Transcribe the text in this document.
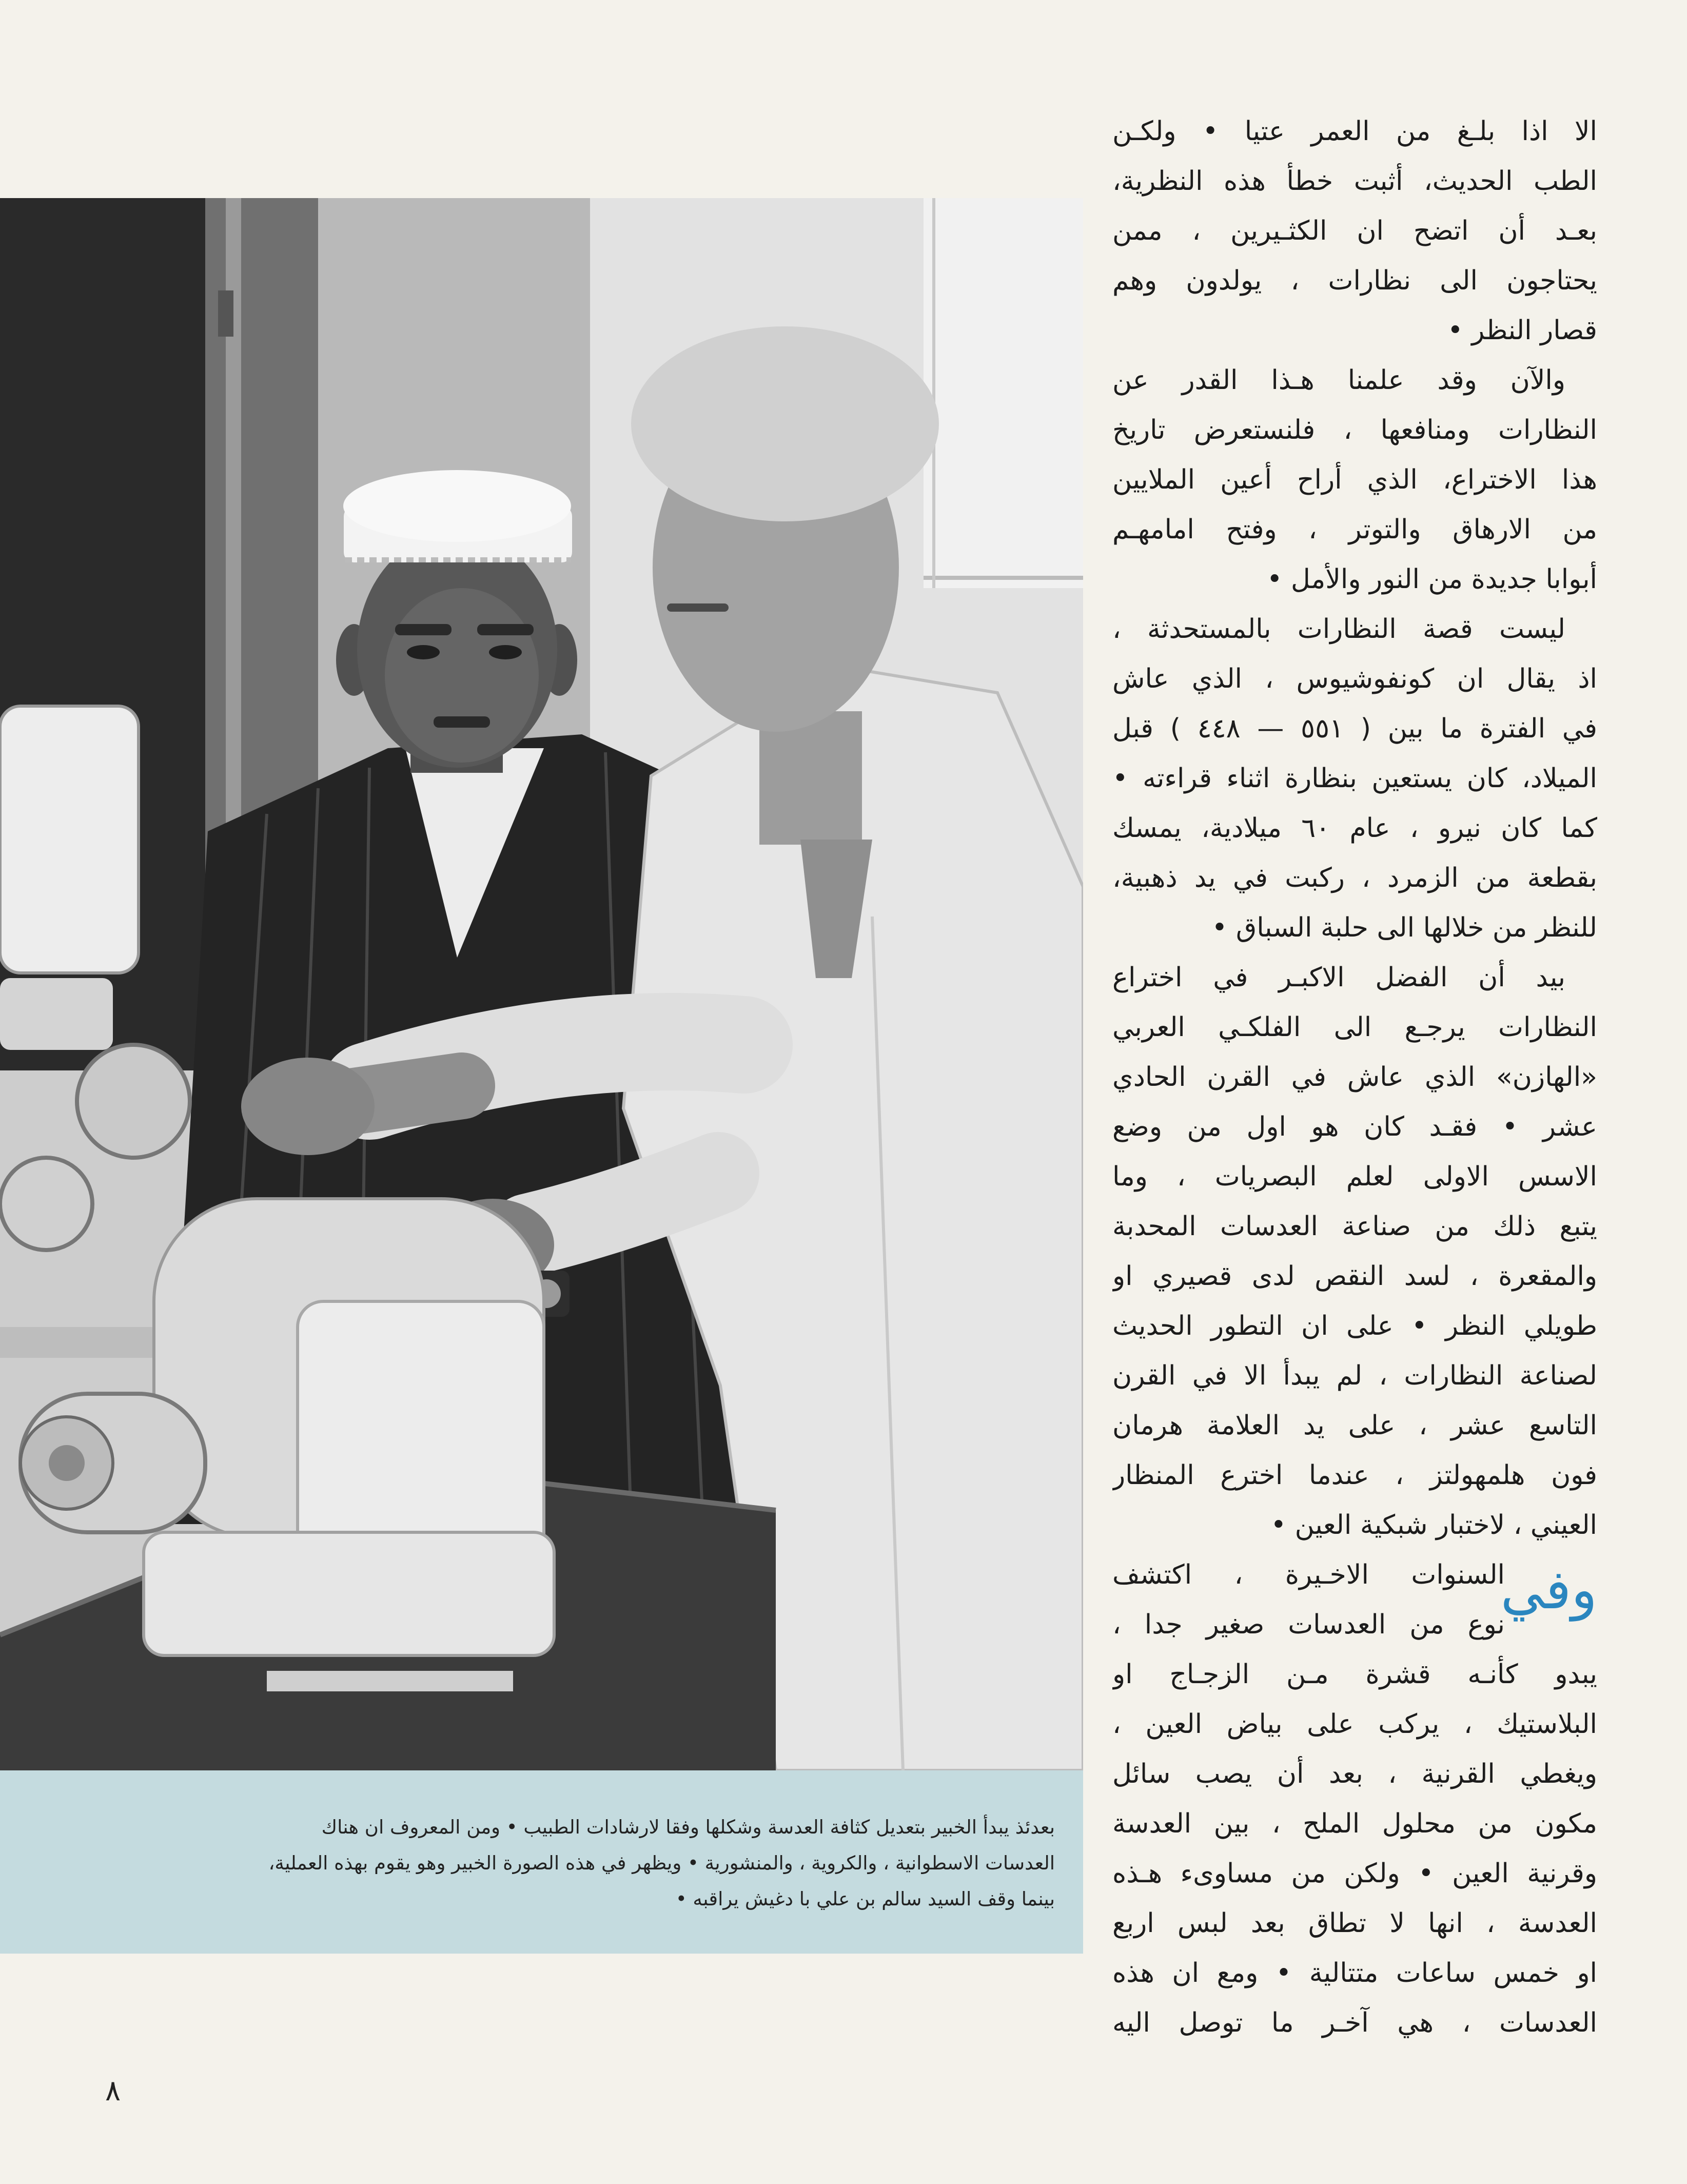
بعدئذ يبدأ الخبير بتعديل كثافة العدسة وشكلها وفقا لارشادات الطبيب • ومن المعروف ان هناك
العدسات الاسطوانية ، والكروية ، والمنشورية • ويظهر في هذه الصورة الخبير وهو يقوم بهذه العملية،
بينما وقف السيد سالم بن علي با دغيش يراقبه •
الا اذا بلـغ من العمر عتيا • ولكـن
الطب الحديث، أثبت خطأ هذه النظرية،
بعـد أن اتضح ان الكثـيرين ، ممن
يحتاجون الى نظارات ، يولدون وهم
قصار النظر •
والآن وقد علمنا هـذا القدر عن
النظارات ومنافعها ، فلنستعرض تاريخ
هذا الاختراع، الذي أراح أعين الملايين
من الارهاق والتوتر ، وفتح امامهـم
أبوابا جديدة من النور والأمل •
ليست قصة النظارات بالمستحدثة ،
اذ يقال ان كونفوشيوس ، الذي عاش
في الفترة ما بين ( ٥٥١ — ٤٤٨ ) قبل
الميلاد، كان يستعين بنظارة اثناء قراءته •
كما كان نيرو ، عام ٦٠ ميلادية، يمسك
بقطعة من الزمرد ، ركبت في يد ذهبية،
للنظر من خلالها الى حلبة السباق •
بيد أن الفضل الاكبـر في اختراع
النظارات يرجـع الى الفلكـي العربي
«الهازن» الذي عاش في القرن الحادي
عشر • فقـد كان هو اول من وضع
الاسس الاولى لعلم البصريات ، وما
يتبع ذلك من صناعة العدسات المحدبة
والمقعرة ، لسد النقص لدى قصيري او
طويلي النظر • على ان التطور الحديث
لصناعة النظارات ، لم يبدأ الا في القرن
التاسع عشر ، على يد العلامة هرمان
فون هلمهولتز ، عندما اخترع المنظار
العيني ، لاختبار شبكية العين •
السنوات الاخـيرة ، اكتشف
نوع من العدسات صغير جدا ،
يبدو كأنـه قشرة مـن الزجـاج او
البلاستيك ، يركب على بياض العين ،
ويغطي القرنية ، بعد أن يصب سائل
مكون من محلول الملح ، بين العدسة
وقرنية العين • ولكن من مساوىء هـذه
العدسة ، انها لا تطاق بعد لبس اربع
او خمس ساعات متتالية • ومع ان هذه
العدسات ، هي آخـر ما توصل اليه
وفي
٨
